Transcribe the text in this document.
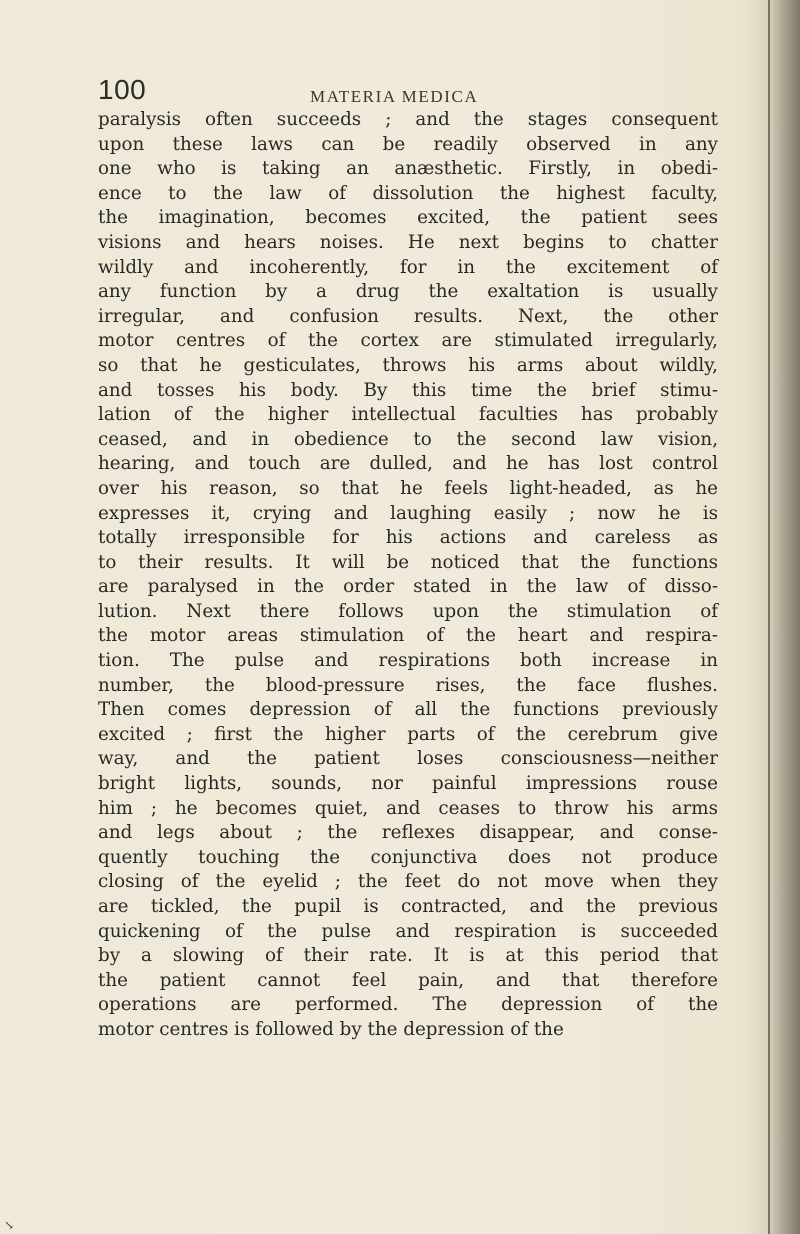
100	MATERIA MEDICA
paralysis often succeeds ; and the stages consequent
upon these laws can be readily observed in any
one who is taking an anæsthetic. Firstly, in obedi-
ence to the law of dissolution the highest faculty,
the imagination, becomes excited, the patient sees
visions and hears noises. He next begins to chatter
wildly and incoherently, for in the excitement of
any function by a drug the exaltation is usually
irregular, and confusion results. Next, the other
motor centres of the cortex are stimulated irregularly,
so that he gesticulates, throws his arms about wildly,
and tosses his body. By this time the brief stimu-
lation of the higher intellectual faculties has probably
ceased, and in obedience to the second law vision,
hearing, and touch are dulled, and he has lost control
over his reason, so that he feels light-headed, as he
expresses it, crying and laughing easily ; now he is
totally irresponsible for his actions and careless as
to their results. It will be noticed that the functions
are paralysed in the order stated in the law of disso-
lution. Next there follows upon the stimulation of
the motor areas stimulation of the heart and respira-
tion. The pulse and respirations both increase in
number, the blood-pressure rises, the face flushes.
Then comes depression of all the functions previously
excited ; first the higher parts of the cerebrum give
way, and the patient loses consciousness—neither
bright lights, sounds, nor painful impressions rouse
him ; he becomes quiet, and ceases to throw his arms
and legs about ; the reflexes disappear, and conse-
quently touching the conjunctiva does not produce
closing of the eyelid ; the feet do not move when they
are tickled, the pupil is contracted, and the previous
quickening of the pulse and respiration is succeeded
by a slowing of their rate. It is at this period that
the patient cannot feel pain, and that therefore
operations are performed. The depression of the
motor centres is followed by the depression of the
↘
